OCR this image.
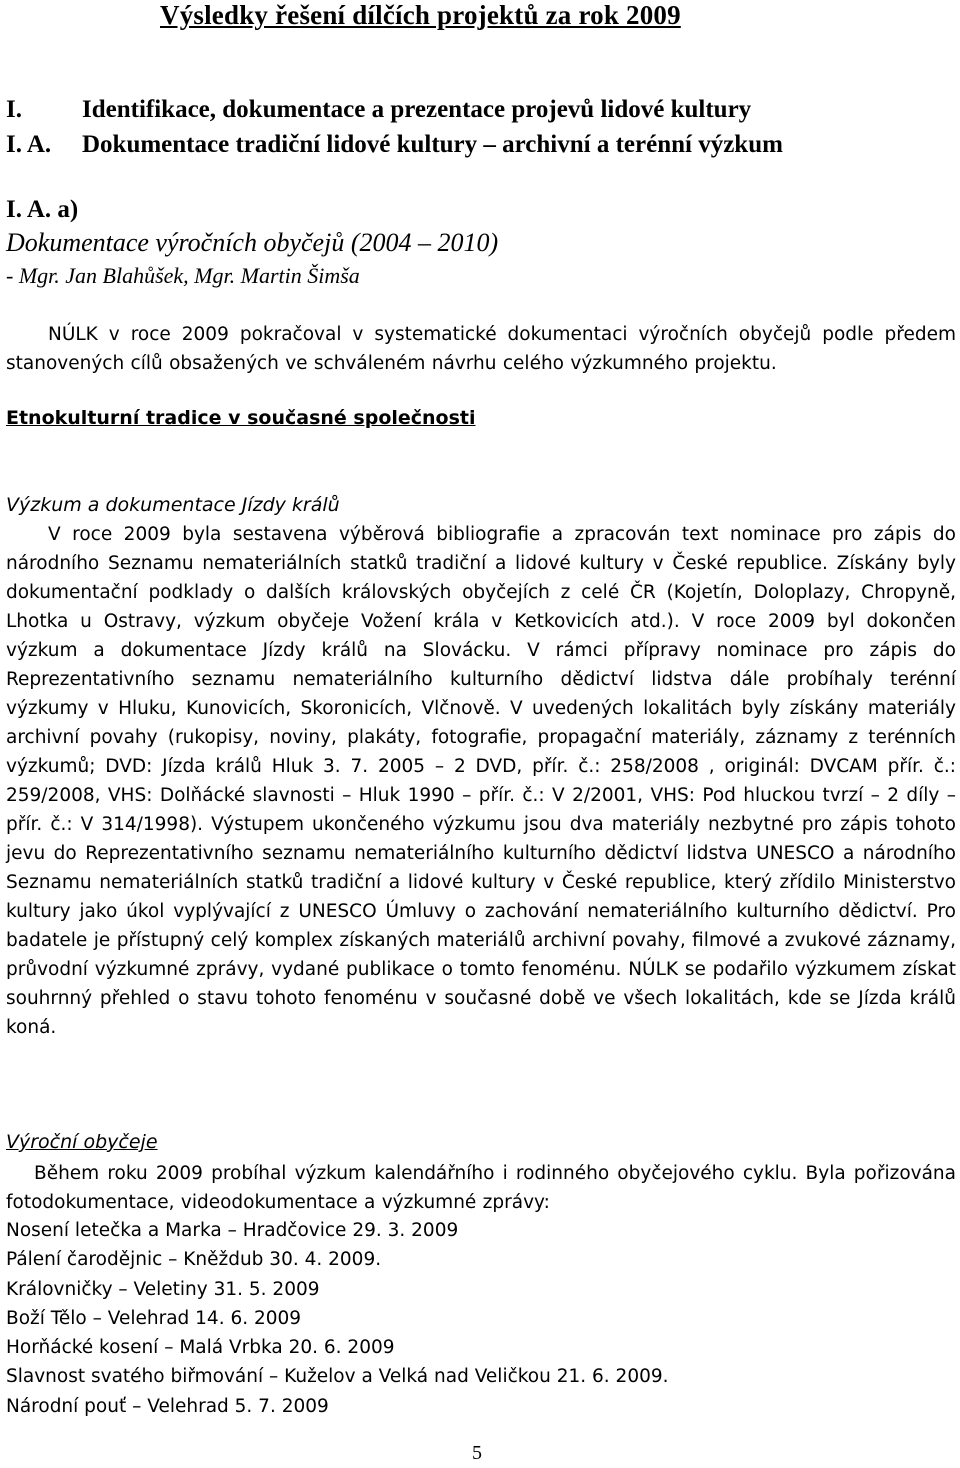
Výsledky řešení dílčích projektů za rok 2009
I. Identifikace, dokumentace a prezentace projevů lidové kultury
I. A. Dokumentace tradiční lidové kultury – archivní a terénní výzkum
I. A. a)
Dokumentace výročních obyčejů (2004 – 2010)
- Mgr. Jan Blahůšek, Mgr. Martin Šimša

NÚLK v roce 2009 pokračoval v systematické dokumentaci výročních obyčejů podle předem stanovených cílů obsažených ve schváleném návrhu celého výzkumného projektu.

Etnokulturní tradice v současné společnosti
Výzkum a dokumentace Jízdy králů

V roce 2009 byla sestavena výběrová bibliografie a zpracován text nominace pro zápis do národního Seznamu nemateriálních statků tradiční a lidové kultury v České republice. Získány byly dokumentační podklady o dalších královských obyčejích z celé ČR (Kojetín, Doloplazy, Chropyně, Lhotka u Ostravy, výzkum obyčeje Vožení krála v Ketkovicích atd.). V roce 2009 byl dokončen výzkum a dokumentace Jízdy králů na Slovácku. V rámci přípravy nominace pro zápis do Reprezentativního seznamu nemateriálního kulturního dědictví lidstva dále probíhaly terénní výzkumy v Hluku, Kunovicích, Skoronicích, Vlčnově. V uvedených lokalitách byly získány materiály archivní povahy (rukopisy, noviny, plakáty, fotografie, propagační materiály, záznamy z terénních výzkumů; DVD: Jízda králů Hluk 3. 7. 2005 – 2 DVD, přír. č.: 258/2008 , originál: DVCAM přír. č.: 259/2008, VHS: Dolňácké slavnosti – Hluk 1990 – přír. č.: V 2/2001, VHS: Pod hluckou tvrzí – 2 díly – přír. č.: V 314/1998). Výstupem ukončeného výzkumu jsou dva materiály nezbytné pro zápis tohoto jevu do Reprezentativního seznamu nemateriálního kulturního dědictví lidstva UNESCO a národního Seznamu nemateriálních statků tradiční a lidové kultury v České republice, který zřídilo Ministerstvo kultury jako úkol vyplývající z UNESCO Úmluvy o zachování nemateriálního kulturního dědictví. Pro badatele je přístupný celý komplex získaných materiálů archivní povahy, filmové a zvukové záznamy, průvodní výzkumné zprávy, vydané publikace o tomto fenoménu. NÚLK se podařilo výzkumem získat souhrnný přehled o stavu tohoto fenoménu v současné době ve všech lokalitách, kde se Jízda králů koná.

Výroční obyčeje

Během roku 2009 probíhal výzkum kalendářního i rodinného obyčejového cyklu. Byla pořizována fotodokumentace, videodokumentace a výzkumné zprávy:

Nosení letečka a Marka – Hradčovice 29. 3. 2009
Pálení čarodějnic – Kněždub 30. 4. 2009.
Královničky – Veletiny 31. 5. 2009
Boží Tělo – Velehrad 14. 6. 2009
Horňácké kosení – Malá Vrbka 20. 6. 2009
Slavnost svatého biřmování – Kuželov a Velká nad Veličkou 21. 6. 2009.
Národní pouť – Velehrad 5. 7. 2009
5
